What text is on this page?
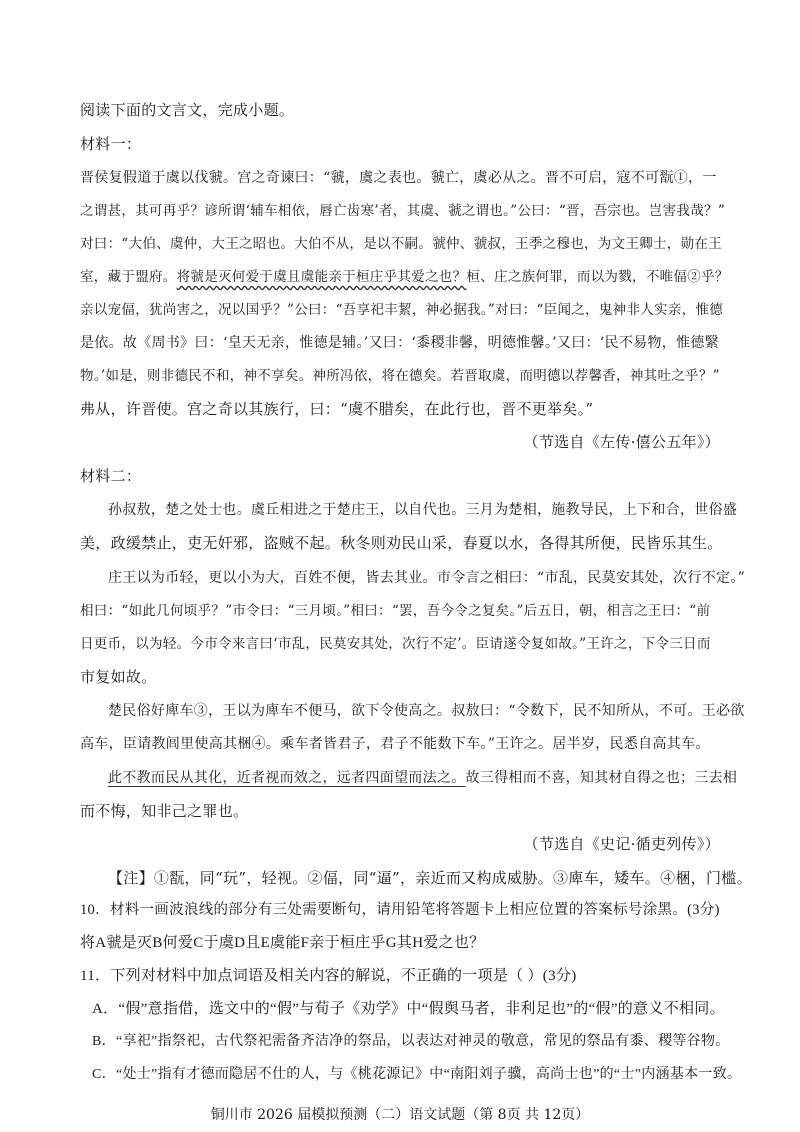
阅读下面的文言文，完成小题。
材料一：
晋侯复假道于虞以伐虢。宫之奇谏曰：“虢，虞之表也。虢亡，虞必从之。晋不可启，寇不可翫①，一
之谓甚，其可再乎？谚所谓‘辅车相依，唇亡齿寒’者，其虞、虢之谓也。”公曰：“晋，吾宗也。岂害我哉？”
对曰：“大伯、虞仲，大王之昭也。大伯不从，是以不嗣。虢仲、虢叔，王季之穆也，为文王卿士，勋在王
室，藏于盟府。将虢是灭何爱于虞且虞能亲于桓庄乎其爱之也？桓、庄之族何罪，而以为戮，不唯偪②乎？
亲以宠偪，犹尚害之，况以国乎？”公曰：“吾享祀丰絜，神必据我。”对曰：“臣闻之，鬼神非人实亲，惟德
是依。故《周书》曰：‘皇天无亲，惟德是辅。’又曰：‘黍稷非馨，明德惟馨。’又曰：‘民不易物，惟德繄
物。’如是，则非德民不和，神不享矣。神所冯依，将在德矣。若晋取虞，而明德以荐馨香，神其吐之乎？”
弗从，许晋使。宫之奇以其族行，曰：“虞不腊矣，在此行也，晋不更举矣。”
（节选自《左传·僖公五年》）
材料二：
孙叔敖，楚之处士也。虞丘相进之于楚庄王，以自代也。三月为楚相，施教导民，上下和合，世俗盛
美，政缓禁止，吏无奸邪，盗贼不起。秋冬则劝民山采，春夏以水，各得其所便，民皆乐其生。
庄王以为币轻，更以小为大，百姓不便，皆去其业。市令言之相曰：“市乱，民莫安其处，次行不定。”
相曰：“如此几何顷乎？”市令曰：“三月顷。”相曰：“罢，吾今令之复矣。”后五日，朝，相言之王曰：“前
日更币，以为轻。今市令来言曰‘市乱，民莫安其处，次行不定’。臣请遂令复如故。”王许之，下令三日而
市复如故。
楚民俗好庳车③，王以为庳车不便马，欲下令使高之。叔敖曰：“令数下，民不知所从，不可。王必欲
高车，臣请教闾里使高其梱④。乘车者皆君子，君子不能数下车。”王许之。居半岁，民悉自高其车。
此不教而民从其化，近者视而效之，远者四面望而法之。故三得相而不喜，知其材自得之也；三去相
而不悔，知非己之罪也。
（节选自《史记·循吏列传》）
【注】①翫，同“玩”，轻视。②偪，同“逼”，亲近而又构成威胁。③庳车，矮车。④梱，门槛。
10．材料一画波浪线的部分有三处需要断句，请用铅笔将答题卡上相应位置的答案标号涂黑。(3分)
将A虢是灭B何爱C于虞D且E虞能F亲于桓庄乎G其H爱之也？
11．下列对材料中加点词语及相关内容的解说，不正确的一项是（ ）(3分)
A．“假”意指借，选文中的“假”与荀子《劝学》中“假舆马者，非利足也”的“假”的意义不相同。
B．“享祀”指祭祀，古代祭祀需备齐洁净的祭品，以表达对神灵的敬意，常见的祭品有黍、稷等谷物。
C．“处士”指有才德而隐居不仕的人，与《桃花源记》中“南阳刘子骥，高尚士也”的“士”内涵基本一致。
铜川市 2026 届模拟预测（二）语文试题（第 8页 共 12页）
